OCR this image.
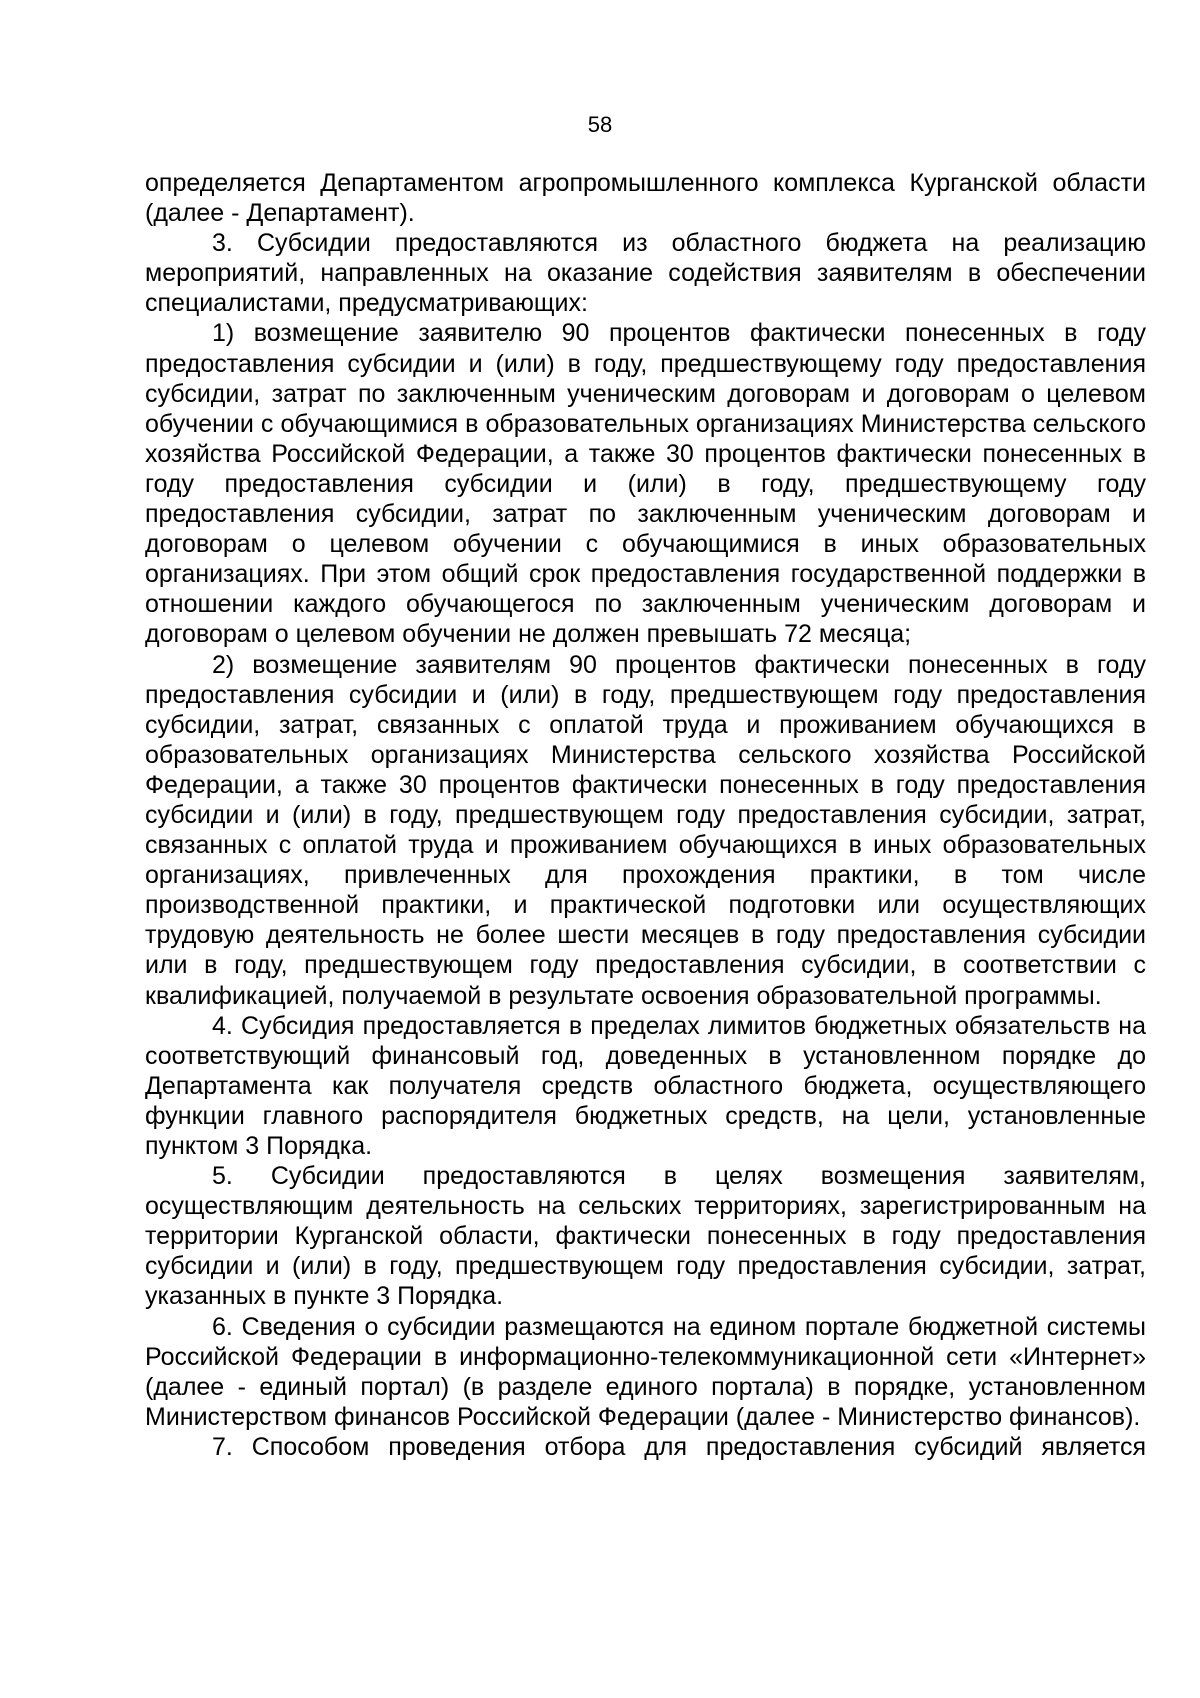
58

определяется Департаментом агропромышленного комплекса Курганской области (далее - Департамент).

3. Субсидии предоставляются из областного бюджета на реализацию мероприятий, направленных на оказание содействия заявителям в обеспечении специалистами, предусматривающих:

1) возмещение заявителю 90 процентов фактически понесенных в году предоставления субсидии и (или) в году, предшествующему году предоставления субсидии, затрат по заключенным ученическим договорам и договорам о целевом обучении с обучающимися в образовательных организациях Министерства сельского хозяйства Российской Федерации, а также 30 процентов фактически понесенных в году предоставления субсидии и (или) в году, предшествующему году предоставления субсидии, затрат по заключенным ученическим договорам и договорам о целевом обучении с обучающимися в иных образовательных организациях. При этом общий срок предоставления государственной поддержки в отношении каждого обучающегося по заключенным ученическим договорам и договорам о целевом обучении не должен превышать 72 месяца;

2) возмещение заявителям 90 процентов фактически понесенных в году предоставления субсидии и (или) в году, предшествующем году предоставления субсидии, затрат, связанных с оплатой труда и проживанием обучающихся в образовательных организациях Министерства сельского хозяйства Российской Федерации, а также 30 процентов фактически понесенных в году предоставления субсидии и (или) в году, предшествующем году предоставления субсидии, затрат, связанных с оплатой труда и проживанием обучающихся в иных образовательных организациях, привлеченных для прохождения практики, в том числе производственной практики, и практической подготовки или осуществляющих трудовую деятельность не более шести месяцев в году предоставления субсидии или в году, предшествующем году предоставления субсидии, в соответствии с квалификацией, получаемой в результате освоения образовательной программы.

4. Субсидия предоставляется в пределах лимитов бюджетных обязательств на соответствующий финансовый год, доведенных в установленном порядке до Департамента как получателя средств областного бюджета, осуществляющего функции главного распорядителя бюджетных средств, на цели, установленные пунктом 3 Порядка.

5. Субсидии предоставляются в целях возмещения заявителям, осуществляющим деятельность на сельских территориях, зарегистрированным на территории Курганской области, фактически понесенных в году предоставления субсидии и (или) в году, предшествующем году предоставления субсидии, затрат, указанных в пункте 3 Порядка.

6. Сведения о субсидии размещаются на едином портале бюджетной системы Российской Федерации в информационно-телекоммуникационной сети «Интернет» (далее - единый портал) (в разделе единого портала) в порядке, установленном Министерством финансов Российской Федерации (далее - Министерство финансов).

7. Способом проведения отбора для предоставления субсидий является
